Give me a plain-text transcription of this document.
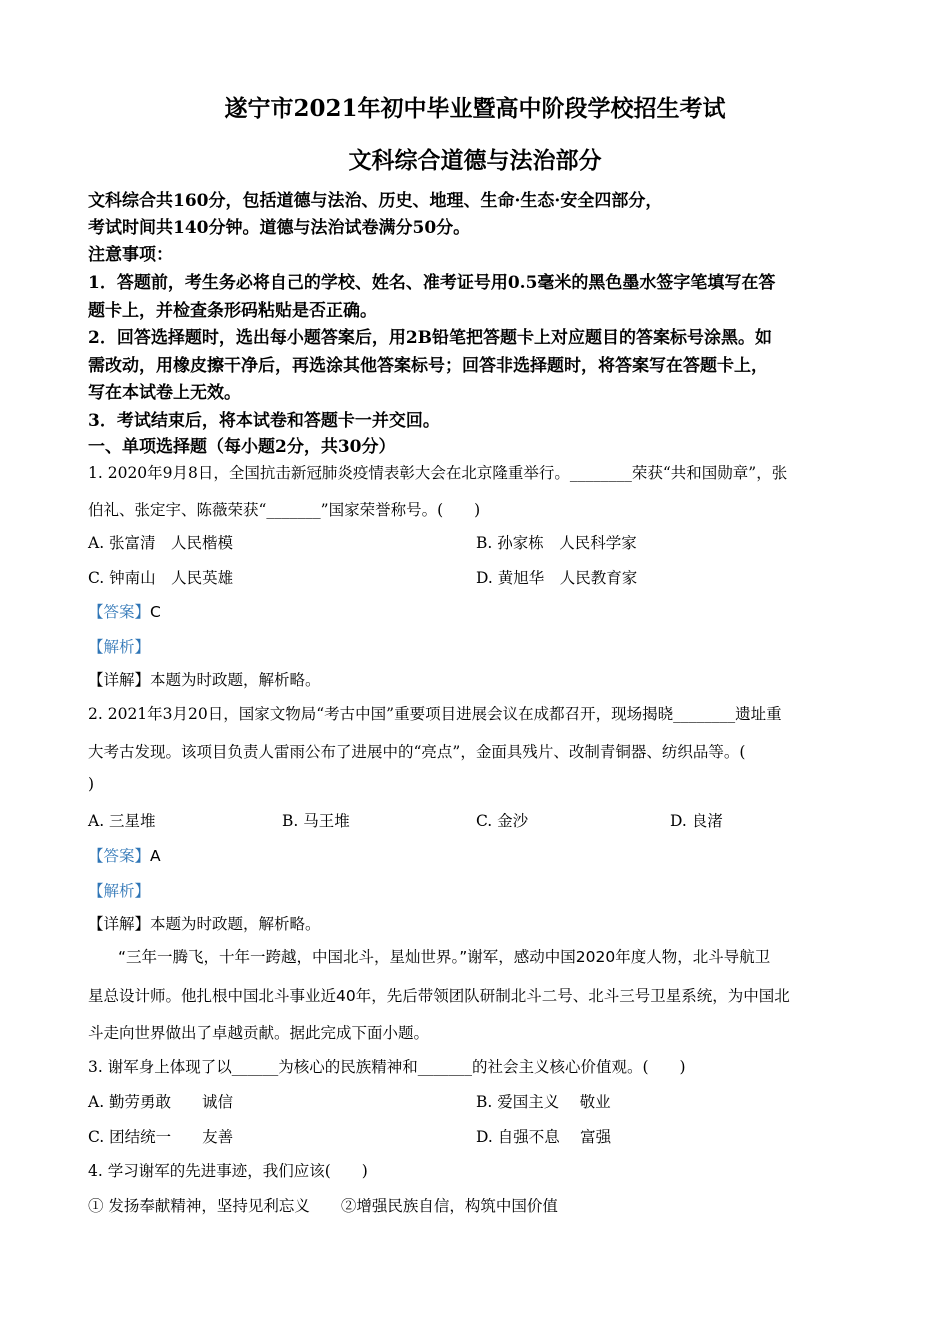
遂宁市2021年初中毕业暨高中阶段学校招生考试
文科综合道德与法治部分
文科综合共160分，包括道德与法治、历史、地理、生命·生态·安全四部分，
考试时间共140分钟。道德与法治试卷满分50分。
注意事项：
1．答题前，考生务必将自己的学校、姓名、准考证号用0.5毫米的黑色墨水签字笔填写在答
题卡上，并检查条形码粘贴是否正确。
2．回答选择题时，选出每小题答案后，用2B铅笔把答题卡上对应题目的答案标号涂黑。如
需改动，用橡皮擦干净后，再选涂其他答案标号；回答非选择题时，将答案写在答题卡上，
写在本试卷上无效。
3．考试结束后，将本试卷和答题卡一并交回。
一、单项选择题（每小题2分，共30分）
1. 2020年9月8日，全国抗击新冠肺炎疫情表彰大会在北京隆重举行。________荣获“共和国勋章”，张
伯礼、张定宇、陈薇荣获“_______”国家荣誉称号。(　　)
A. 张富清　人民楷模	B. 孙家栋　人民科学家
C. 钟南山　人民英雄	D. 黄旭华　人民教育家
【答案】C
【解析】
【详解】本题为时政题，解析略。
2. 2021年3月20日，国家文物局“考古中国”重要项目进展会议在成都召开，现场揭晓________遗址重
大考古发现。该项目负责人雷雨公布了进展中的“亮点”，金面具残片、改制青铜器、纺织品等。(
)
A. 三星堆	B. 马王堆	C. 金沙	D. 良渚
【答案】A
【解析】
【详解】本题为时政题，解析略。
“三年一腾飞，十年一跨越，中国北斗，星灿世界。”谢军，感动中国2020年度人物，北斗导航卫
星总设计师。他扎根中国北斗事业近40年，先后带领团队研制北斗二号、北斗三号卫星系统，为中国北
斗走向世界做出了卓越贡献。据此完成下面小题。
3. 谢军身上体现了以______为核心的民族精神和_______的社会主义核心价值观。(　　)
A. 勤劳勇敢　　诚信	B. 爱国主义　 敬业
C. 团结统一　　友善	D. 自强不息　 富强
4. 学习谢军的先进事迹，我们应该(　　)
① 发扬奉献精神，坚持见利忘义　　②增强民族自信，构筑中国价值
